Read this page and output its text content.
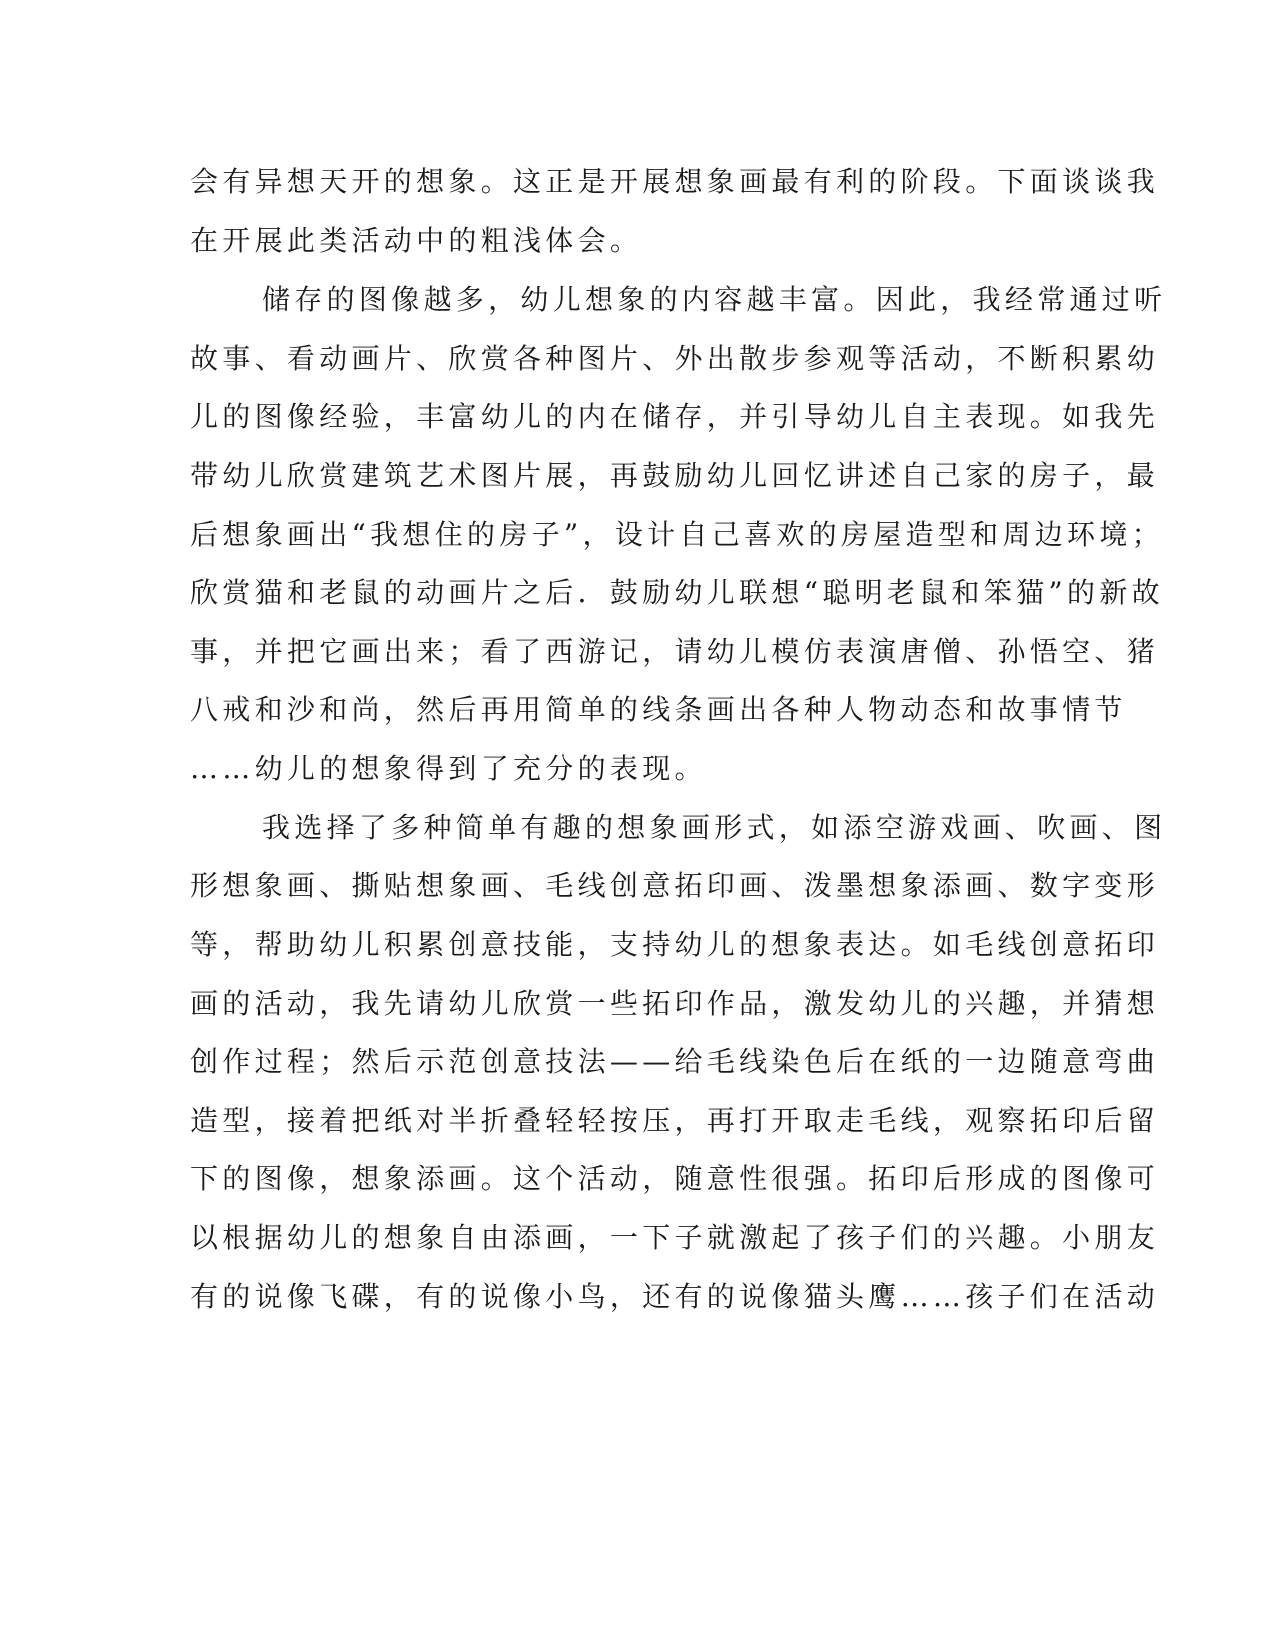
会有异想天开的想象。这正是开展想象画最有利的阶段。下面谈谈我
在开展此类活动中的粗浅体会。
储存的图像越多，幼儿想象的内容越丰富。因此，我经常通过听
故事、看动画片、欣赏各种图片、外出散步参观等活动，不断积累幼
儿的图像经验，丰富幼儿的内在储存，并引导幼儿自主表现。如我先
带幼儿欣赏建筑艺术图片展，再鼓励幼儿回忆讲述自己家的房子，最
后想象画出“我想住的房子”，设计自己喜欢的房屋造型和周边环境；
欣赏猫和老鼠的动画片之后．鼓励幼儿联想“聪明老鼠和笨猫”的新故
事，并把它画出来；看了西游记，请幼儿模仿表演唐僧、孙悟空、猪
八戒和沙和尚，然后再用简单的线条画出各种人物动态和故事情节
……幼儿的想象得到了充分的表现。
我选择了多种简单有趣的想象画形式，如添空游戏画、吹画、图
形想象画、撕贴想象画、毛线创意拓印画、泼墨想象添画、数字变形
等，帮助幼儿积累创意技能，支持幼儿的想象表达。如毛线创意拓印
画的活动，我先请幼儿欣赏一些拓印作品，激发幼儿的兴趣，并猜想
创作过程；然后示范创意技法——给毛线染色后在纸的一边随意弯曲
造型，接着把纸对半折叠轻轻按压，再打开取走毛线，观察拓印后留
下的图像，想象添画。这个活动，随意性很强。拓印后形成的图像可
以根据幼儿的想象自由添画，一下子就激起了孩子们的兴趣。小朋友
有的说像飞碟，有的说像小鸟，还有的说像猫头鹰……孩子们在活动
